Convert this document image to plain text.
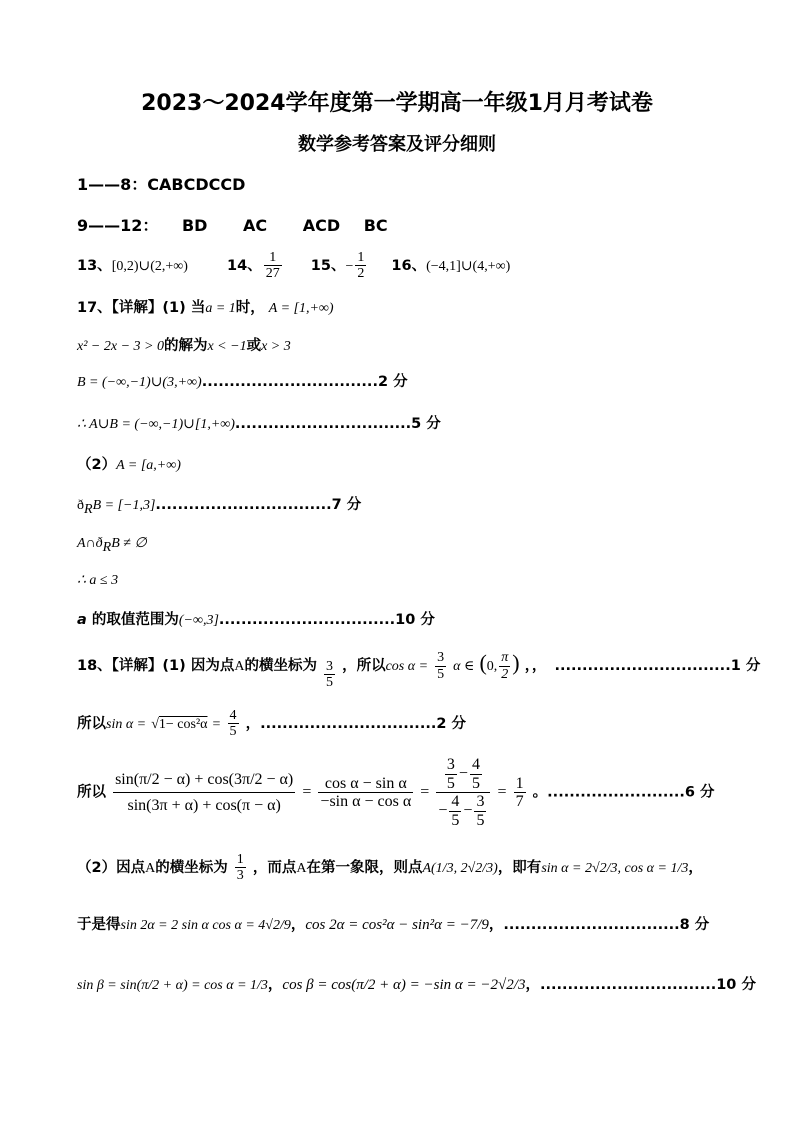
2023～2024学年度第一学期高一年级1月月考试卷
数学参考答案及评分细则
1——8：CABCDCCD
9——12： BD AC ACD BC
13、[0,2)∪(2,+∞)	14、 $\frac{1}{27} 15$、− $\frac{1}{2} 16$、(−4,1]∪(4,+∞)
17、【详解】(1) 当a = 1时， A = [1,+∞)
x² − 2x − 3 > 0的解为x < −1或x > 3
B = (−∞,−1)∪(3,+∞)................................2 分
∴ A∪B = (−∞,−1)∪[1,+∞)................................5 分
（2）A = [a,+∞)
$ð_RB = [-1,3]................................7$ 分
$A\cap ð_RB$ ≠ ∅
∴ a ≤ 3
a 的取值范围为(−∞,3]................................10 分
18、【详解】(1) 因为点A的横坐标为 $\frac{3}{5}$ ，所以$\cos \alpha = \frac{3}{5}$ α ∈ (0, $\frac{\pi}{2}$ ) ，， ................................1 分
所以$\sin \alpha = √1- \cos^2\alpha = \frac{4}{5}$ ，................................2 分
所以 $\frac{\sin(\pi/2 - \alpha) + \cos(3\pi/2 - \alpha)}{\sin(3\pi + \alpha) + \cos(\pi - \alpha)} = \frac{\text{cos α − sin α}}{\text{−sin α − cos α}} = \frac{\frac{3}{5} - \frac{4}{5}}{- \frac{4}{5} - \frac{3}{5}} = \frac{1}{7}$ 。.........................6 分
（2）因点A的横坐标为 $\frac{1}{3}$ ，而点A在第一象限，则点A(1/3, 2√2/3)，即有sin α = 2√2/3, cos α = 1/3，
于是得sin 2α = 2 sin α cos α = 4√2/9，cos 2α = cos²α − sin²α = −7/9，................................8 分
sin β = sin(π/2 + α) = cos α = 1/3，cos β = cos(π/2 + α) = −sin α = −2√2/3，................................10 分
